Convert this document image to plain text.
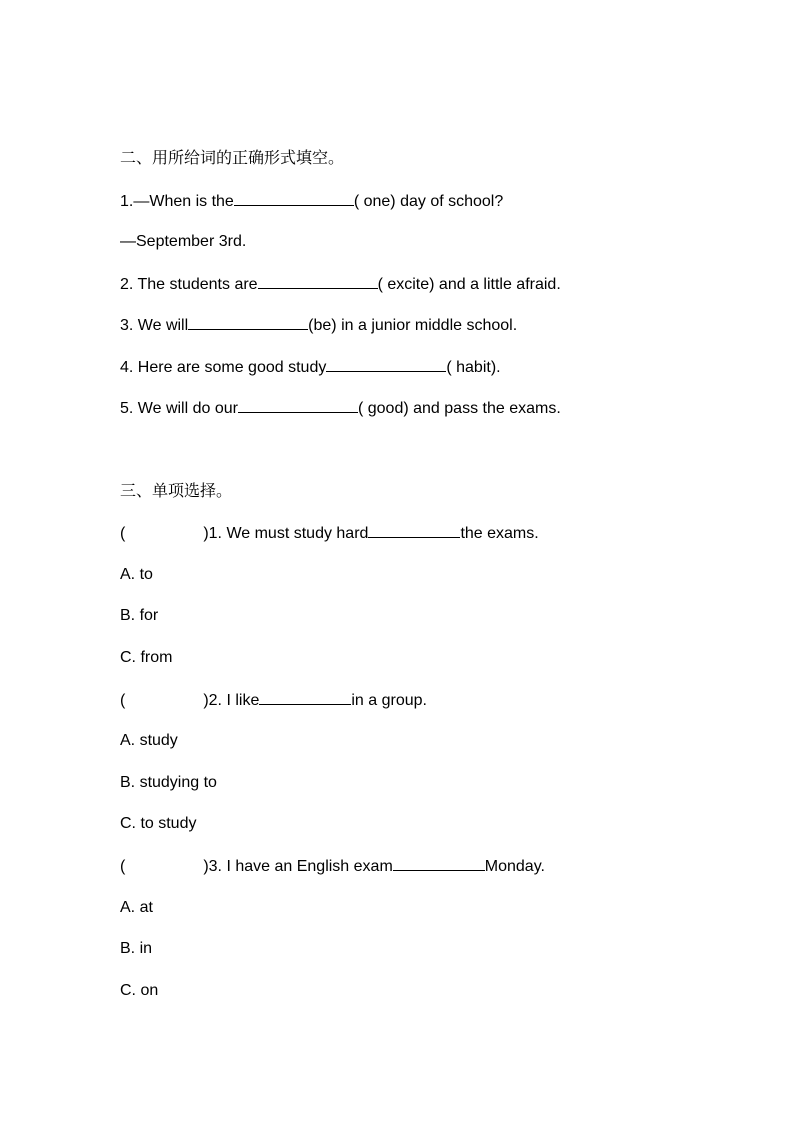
二、用所给词的正确形式填空。
1.—When is the	( one) day of school?
—September 3rd.
2. The students are	( excite) and a little afraid.
3. We will	(be) in a junior middle school.
4. Here are some good study	( habit).
5. We will do our	( good) and pass the exams.
三、单项选择。
(	)1. We must study hard	the exams.
A. to
B. for
C. from
(	)2. I like	in a group.
A. study
B. studying to
C. to study
(	)3. I have an English exam	Monday.
A. at
B. in
C. on
